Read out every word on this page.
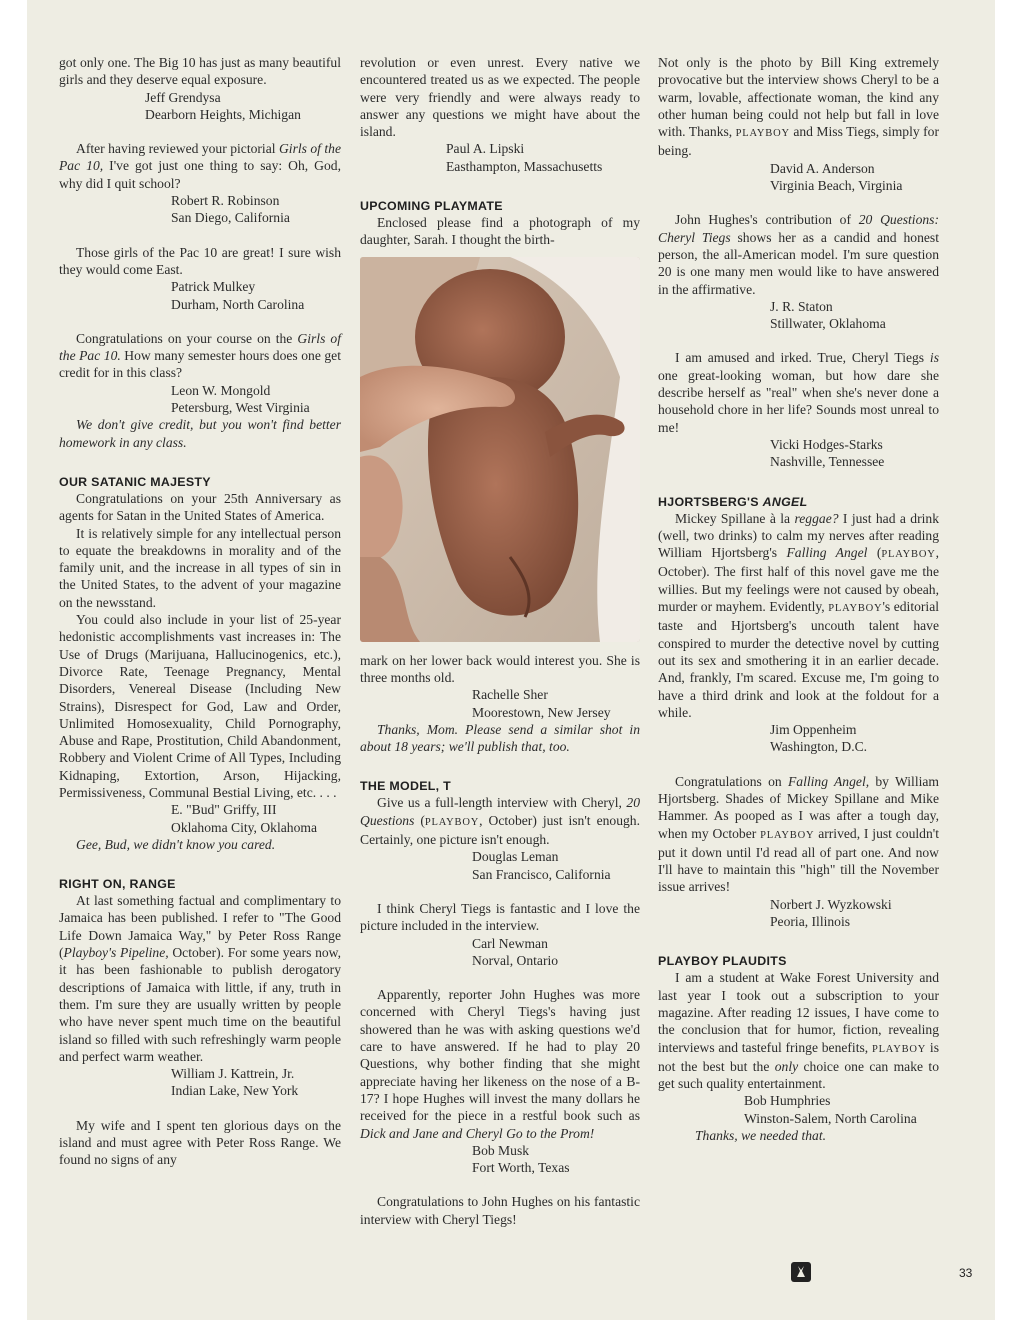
got only one. The Big 10 has just as many beautiful girls and they deserve equal exposure.

Jeff Grendysa
Dearborn Heights, Michigan

After having reviewed your pictorial Girls of the Pac 10, I've got just one thing to say: Oh, God, why did I quit school?

Robert R. Robinson
San Diego, California

Those girls of the Pac 10 are great! I sure wish they would come East.

Patrick Mulkey
Durham, North Carolina

Congratulations on your course on the Girls of the Pac 10. How many semester hours does one get credit for in this class?

Leon W. Mongold
Petersburg, West Virginia

We don't give credit, but you won't find better homework in any class.

OUR SATANIC MAJESTY

Congratulations on your 25th Anniversary as agents for Satan in the United States of America.

It is relatively simple for any intellectual person to equate the breakdowns in morality and of the family unit, and the increase in all types of sin in the United States, to the advent of your magazine on the newsstand.

You could also include in your list of 25-year hedonistic accomplishments vast increases in: The Use of Drugs (Marijuana, Hallucinogenics, etc.), Divorce Rate, Teenage Pregnancy, Mental Disorders, Venereal Disease (Including New Strains), Disrespect for God, Law and Order, Unlimited Homosexuality, Child Pornography, Abuse and Rape, Prostitution, Child Abandonment, Robbery and Violent Crime of All Types, Including Kidnaping, Extortion, Arson, Hijacking, Permissiveness, Communal Bestial Living, etc. . . .

E. "Bud" Griffy, III
Oklahoma City, Oklahoma

Gee, Bud, we didn't know you cared.

RIGHT ON, RANGE

At last something factual and complimentary to Jamaica has been published. I refer to "The Good Life Down Jamaica Way," by Peter Ross Range (Playboy's Pipeline, October). For some years now, it has been fashionable to publish derogatory descriptions of Jamaica with little, if any, truth in them. I'm sure they are usually written by people who have never spent much time on the beautiful island so filled with such refreshingly warm people and perfect warm weather.

William J. Kattrein, Jr.
Indian Lake, New York

My wife and I spent ten glorious days on the island and must agree with Peter Ross Range. We found no signs of any

revolution or even unrest. Every native we encountered treated us as we expected. The people were very friendly and were always ready to answer any questions we might have about the island.

Paul A. Lipski
Easthampton, Massachusetts
UPCOMING PLAYMATE

Enclosed please find a photograph of my daughter, Sarah. I thought the birth-

mark on her lower back would interest you. She is three months old.

Rachelle Sher
Moorestown, New Jersey

Thanks, Mom. Please send a similar shot in about 18 years; we'll publish that, too.

THE MODEL, T

Give us a full-length interview with Cheryl, 20 Questions (PLAYBOY, October) just isn't enough. Certainly, one picture isn't enough.

Douglas Leman
San Francisco, California

I think Cheryl Tiegs is fantastic and I love the picture included in the interview.

Carl Newman
Norval, Ontario

Apparently, reporter John Hughes was more concerned with Cheryl Tiegs's having just showered than he was with asking questions we'd care to have answered. If he had to play 20 Questions, why bother finding that she might appreciate having her likeness on the nose of a B-17? I hope Hughes will invest the many dollars he received for the piece in a restful book such as Dick and Jane and Cheryl Go to the Prom!

Bob Musk
Fort Worth, Texas

Congratulations to John Hughes on his fantastic interview with Cheryl Tiegs!

Not only is the photo by Bill King extremely provocative but the interview shows Cheryl to be a warm, lovable, affectionate woman, the kind any other human being could not help but fall in love with. Thanks, PLAYBOY and Miss Tiegs, simply for being.

David A. Anderson
Virginia Beach, Virginia

John Hughes's contribution of 20 Questions: Cheryl Tiegs shows her as a candid and honest person, the all-American model. I'm sure question 20 is one many men would like to have answered in the affirmative.

J. R. Staton
Stillwater, Oklahoma

I am amused and irked. True, Cheryl Tiegs is one great-looking woman, but how dare she describe herself as "real" when she's never done a household chore in her life? Sounds most unreal to me!

Vicki Hodges-Starks
Nashville, Tennessee
HJORTSBERG'S ANGEL

Mickey Spillane à la reggae? I just had a drink (well, two drinks) to calm my nerves after reading William Hjortsberg's Falling Angel (PLAYBOY, October). The first half of this novel gave me the willies. But my feelings were not caused by obeah, murder or mayhem. Evidently, PLAYBOY's editorial taste and Hjortsberg's uncouth talent have conspired to murder the detective novel by cutting out its sex and smothering it in an earlier decade. And, frankly, I'm scared. Excuse me, I'm going to have a third drink and look at the foldout for a while.

Jim Oppenheim
Washington, D.C.

Congratulations on Falling Angel, by William Hjortsberg. Shades of Mickey Spillane and Mike Hammer. As pooped as I was after a tough day, when my October PLAYBOY arrived, I just couldn't put it down until I'd read all of part one. And now I'll have to maintain this "high" till the November issue arrives!

Norbert J. Wyzkowski
Peoria, Illinois
PLAYBOY PLAUDITS

I am a student at Wake Forest University and last year I took out a subscription to your magazine. After reading 12 issues, I have come to the conclusion that for humor, fiction, revealing interviews and tasteful fringe benefits, PLAYBOY is not the best but the only choice one can make to get such quality entertainment.

Bob Humphries
Winston-Salem, North Carolina

Thanks, we needed that.

33
